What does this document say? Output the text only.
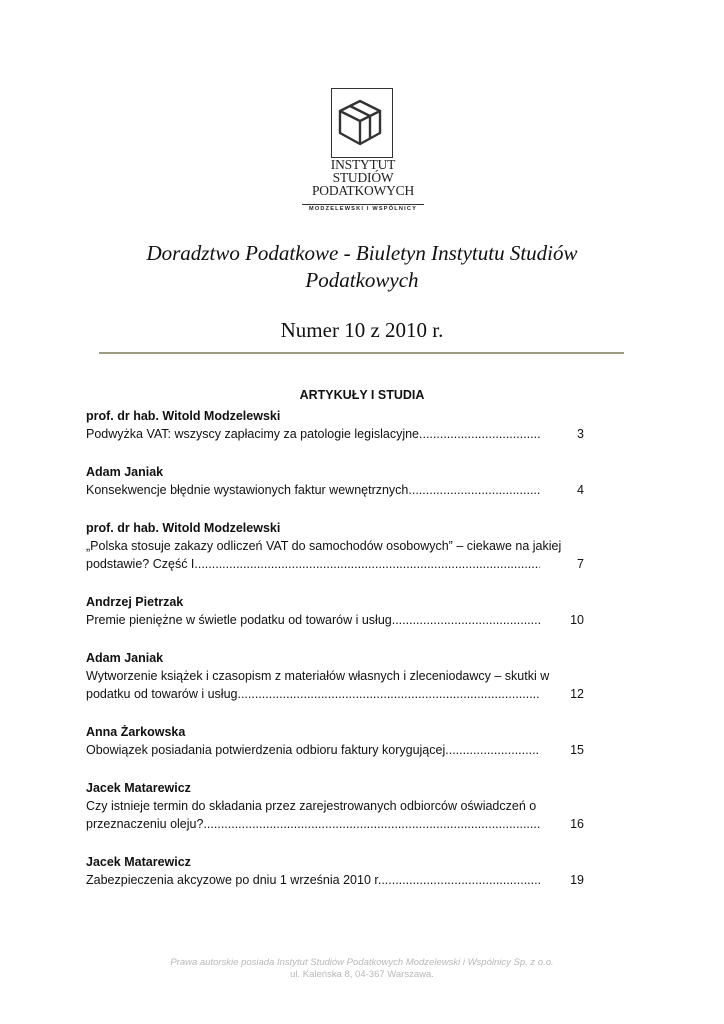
INSTYTUT
STUDIÓW
PODATKOWYCH
MODZELEWSKI I WSPÓLNICY
Doradztwo Podatkowe - Biuletyn Instytutu Studiów
Podatkowych
Numer 10 z 2010 r.
ARTYKUŁY I STUDIA
prof. dr hab. Witold Modzelewski
Podwyżka VAT: wszyscy zapłacimy za patologie legislacyjne .....	3
Adam Janiak
Konsekwencje błędnie wystawionych faktur wewnętrznych .....	4
prof. dr hab. Witold Modzelewski
„Polska stosuje zakazy odliczeń VAT do samochodów osobowych” – ciekawe na jakiej
podstawie? Część I .....	7
Andrzej Pietrzak
Premie pieniężne w świetle podatku od towarów i usług .....	10
Adam Janiak
Wytworzenie książek i czasopism z materiałów własnych i zleceniodawcy – skutki w
podatku od towarów i usług .....	12
Anna Żarkowska
Obowiązek posiadania potwierdzenia odbioru faktury korygującej .....	15
Jacek Matarewicz
Czy istnieje termin do składania przez zarejestrowanych odbiorców oświadczeń o
przeznaczeniu oleju? .....	16
Jacek Matarewicz
Zabezpieczenia akcyzowe po dniu 1 września 2010 r. .....	19
Prawa autorskie posiada Instytut Studiów Podatkowych Modzelewski i Wspólnicy Sp. z o.o.
ul. Kaleńska 8, 04-367 Warszawa.
